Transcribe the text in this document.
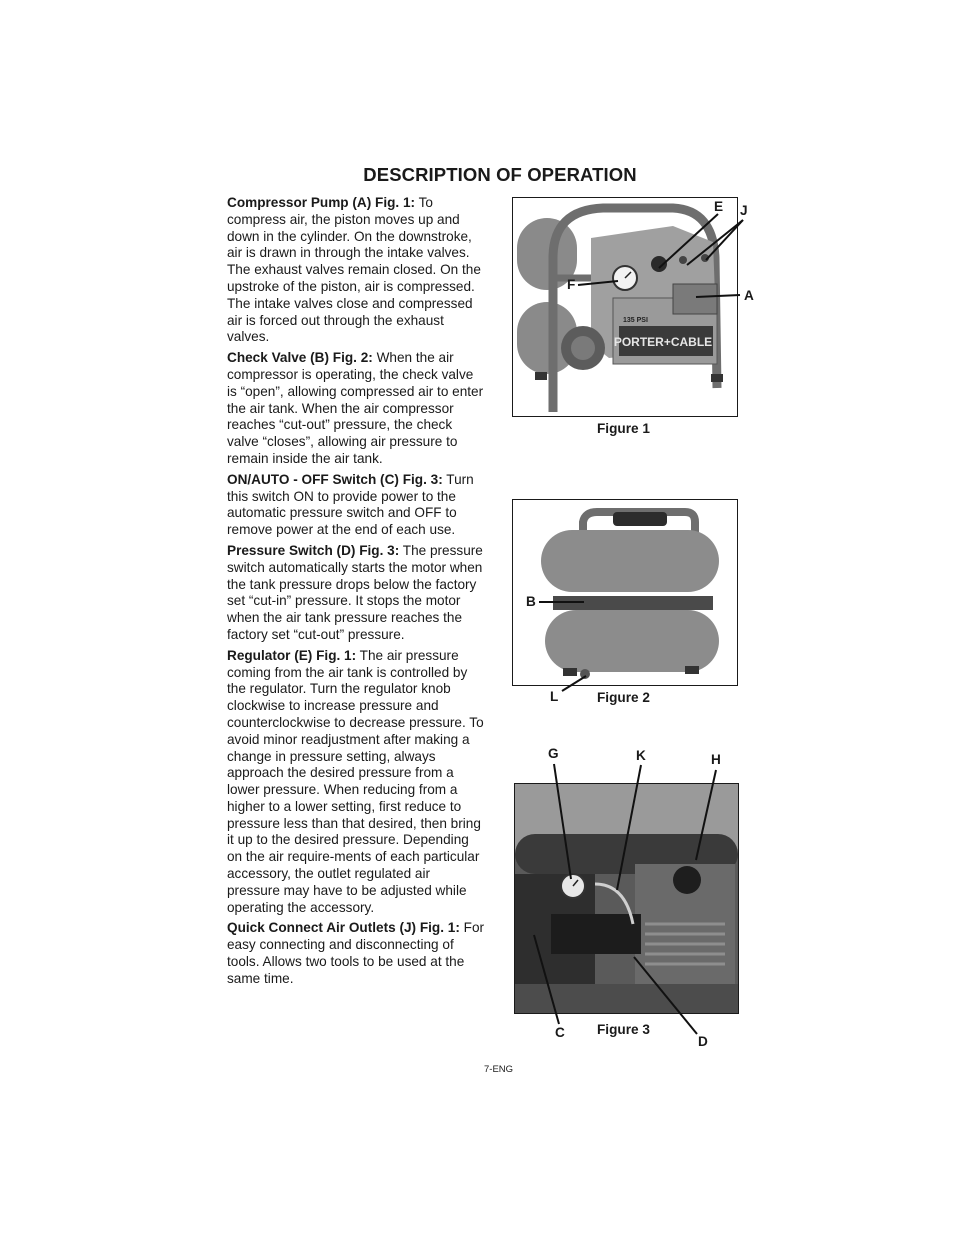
DESCRIPTION OF OPERATION

Compressor Pump (A) Fig. 1: To compress air, the piston moves up and down in the cylinder. On the downstroke, air is drawn in through the intake valves. The exhaust valves remain closed. On the upstroke of the piston, air is compressed. The intake valves close and compressed air is forced out through the exhaust valves.

Check Valve (B) Fig. 2: When the air compressor is operating, the check valve is “open”, allowing compressed air to enter the air tank. When the air compressor reaches “cut-out” pressure, the check valve “closes”, allowing air pressure to remain inside the air tank.

ON/AUTO - OFF Switch (C) Fig. 3: Turn this switch ON to provide power to the automatic pressure switch and OFF to remove power at the end of each use.

Pressure Switch (D) Fig. 3: The pressure switch automatically starts the motor when the tank pressure drops below the factory set “cut-in” pressure. It stops the motor when the air tank pressure reaches the factory set “cut-out” pressure.

Regulator (E) Fig. 1: The air pressure coming from the air tank is controlled by the regulator. Turn the regulator knob clockwise to increase pressure and counterclockwise to decrease pressure. To avoid minor readjustment after making a change in pressure setting, always approach the desired pressure from a lower pressure. When reducing from a higher to a lower setting, first reduce to pressure less than that desired, then bring it up to the desired pressure. Depending on the air require-ments of each particular accessory, the outlet regulated air pressure may have to be adjusted while operating the accessory.

Quick Connect Air Outlets (J) Fig. 1: For easy connecting and disconnecting of tools. Allows two tools to be used at the same time.

PORTER+CABLE
135 PSI
Figure 1
E J
F
A
Figure 2
B
L
Figure 3
G	K	H
C
D
7-ENG
